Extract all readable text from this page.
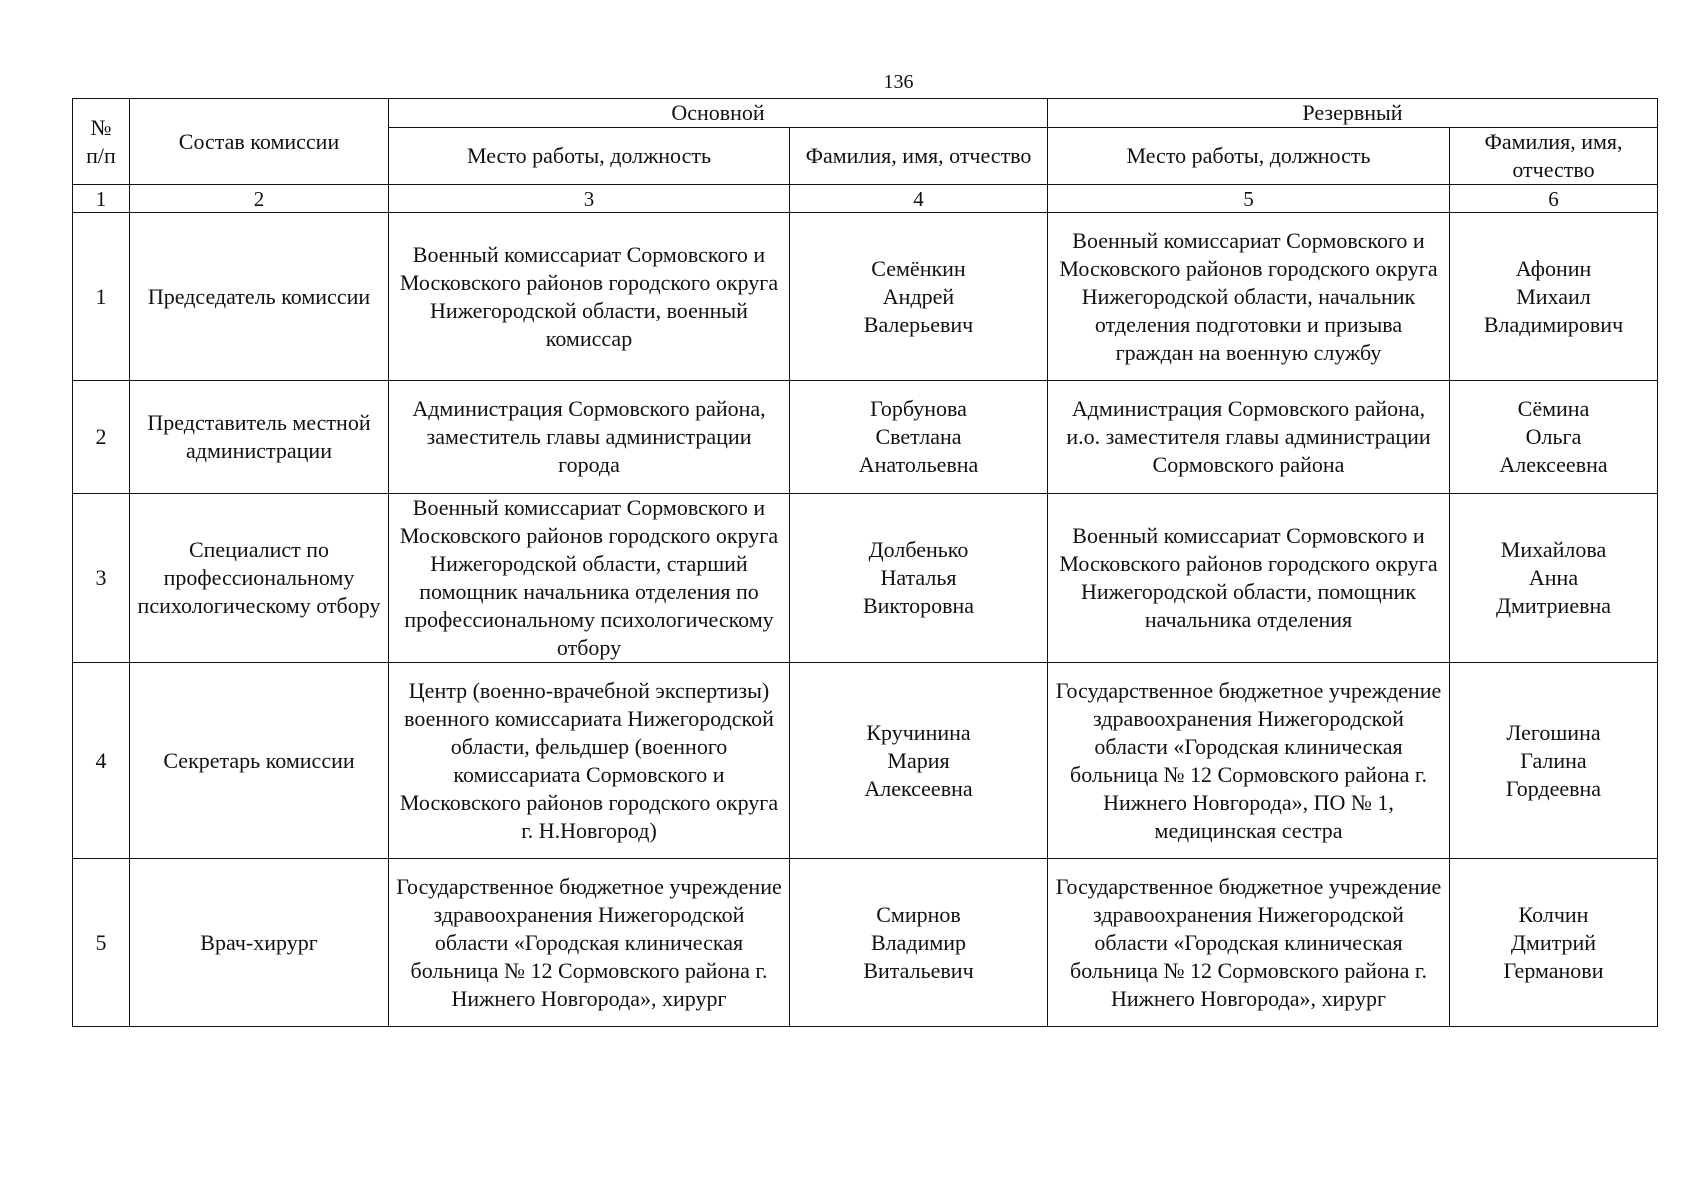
136
№ п/п	Состав комиссии	Основной		Резервный	
		Место работы, должность	Фамилия, имя, отчество	Место работы, должность	Фамилия, имя, отчество
1	2	3	4	5	6
1	Председатель комиссии	Военный комиссариат Сормовского и Московского районов городского округа Нижегородской области, военный комиссар	Семёнкин
Андрей
Валерьевич	Военный комиссариат Сормовского и Московского районов городского округа Нижегородской области, начальник отделения подготовки и призыва граждан на военную службу	Афонин
Михаил
Владимирович
2	Представитель местной администрации	Администрация Сормовского района, заместитель главы администрации города	Горбунова
Светлана
Анатольевна	Администрация Сормовского района, и.о. заместителя главы администрации Сормовского района	Сёмина
Ольга
Алексеевна
3	Специалист по профессиональному психологическому отбору	Военный комиссариат Сормовского и Московского районов городского округа Нижегородской области, старший помощник начальника отделения по профессиональному психологическому отбору	Долбенько
Наталья
Викторовна	Военный комиссариат Сормовского и Московского районов городского округа Нижегородской области, помощник начальника отделения	Михайлова
Анна
Дмитриевна
4	Секретарь комиссии	Центр (военно-врачебной экспертизы) военного комиссариата Нижегородской области, фельдшер (военного комиссариата Сормовского и Московского районов городского округа г. Н.Новгород)	Кручинина
Мария
Алексеевна	Государственное бюджетное учреждение здравоохранения Нижегородской области «Городская клиническая больница № 12 Сормовского района г. Нижнего Новгорода», ПО № 1, медицинская сестра	Легошина
Галина
Гордеевна
5	Врач-хирург	Государственное бюджетное учреждение здравоохранения Нижегородской области «Городская клиническая больница № 12 Сормовского района г. Нижнего Новгорода», хирург	Смирнов
Владимир
Витальевич	Государственное бюджетное учреждение здравоохранения Нижегородской области «Городская клиническая больница № 12 Сормовского района г. Нижнего Новгорода», хирург	Колчин
Дмитрий
Германови
